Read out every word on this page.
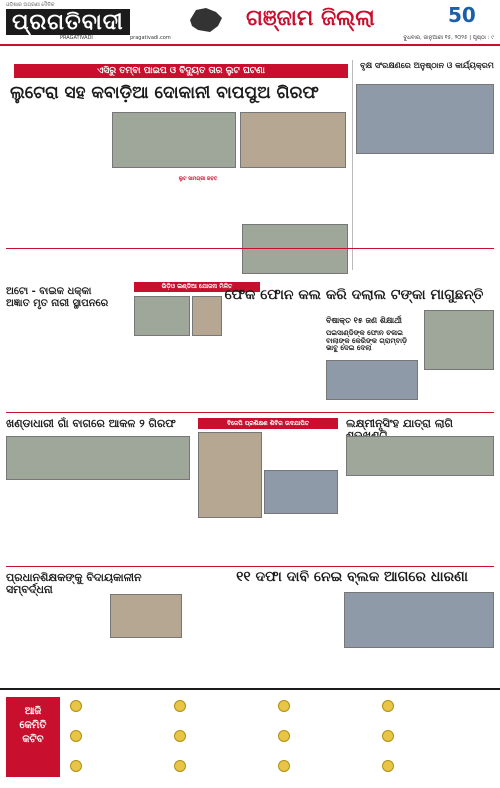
ଓଡ଼ିଶାର ଅଗ୍ରଣୀ ଦୈନିକ
ପ୍ରଗତିବାଦୀ
PRAGATIVADI	pragativadi.com
ଗଞ୍ଜାମ ଜିଲ୍ଲା	50
ବୁଧବାର, ଜାନୁଆରୀ ୧୫, ୨୦୨୫ | ପୃଷ୍ଠା : ୯
ଏସିରୁ ତମ୍ବା ପାଇପ ଓ ବିଦ୍ୟୁତ ତାର ଲୁଟ ଘଟଣା
ଲୁଟେରା ସହ କବାଡ଼ିଆ ଦୋକାନୀ ବାପପୁଅ ଗିରଫ
ଲୁଟ ସାମଗ୍ରୀ ଜବତ
ବୃକ୍ଷ ସଂରକ୍ଷଣରେ ଅନୁଷ୍ଠାନ ଓ କାର୍ଯ୍ୟକ୍ରମ
ଅଟୋ - ବାଇକ ଧକ୍କା
ଅଜ୍ଞାତ ମୃତ ନାରୀ ସ୍ଥାପନରେ
ଭିଡ଼ିଓ ଇଣ୍ଡିଆ ଯୋଜନା ମିଳିତ
ଫେକ ଫୋନ କଲ କରି ଦଲାଲ ଟଙ୍କା ମାଗୁଛନ୍ତି
ବିଷାକ୍ତ ୧୫ ଜଣ ଶିକ୍ଷାର୍ଥୀ
ପଇସାଣ୍ଡିଙ୍କ ଫୋନ ଚଳାଇ ବାଲାଙ୍କ କେରିଙ୍କ ଗ୍ରାମ୍ବାଡ଼ି ଭାବୁ ଦେଇ ଦେଲା
ଖଣ୍ଡାଧାରୀ ଗାଁ ବାଗରେ ଆକଳ ୨ ଗିରଫ	ବିଜେପି ପ୍ରଶିକ୍ଷଣ ଶିବିର ଉଦଯାପିତ	ଲକ୍ଷ୍ମୀନୃସିଂହ ଯାତ୍ରା ଲାଗି
ପ୍ରଧାନଶିକ୍ଷକଙ୍କୁ ବିଦାୟକାଳୀନ ସମ୍ବର୍ଦ୍ଧନା
୧୧ ଦଫା ଦାବି ନେଇ ବ୍ଲକ ଆଗରେ ଧାରଣା
ଆଜି
କେମିତି
କଟିବ
